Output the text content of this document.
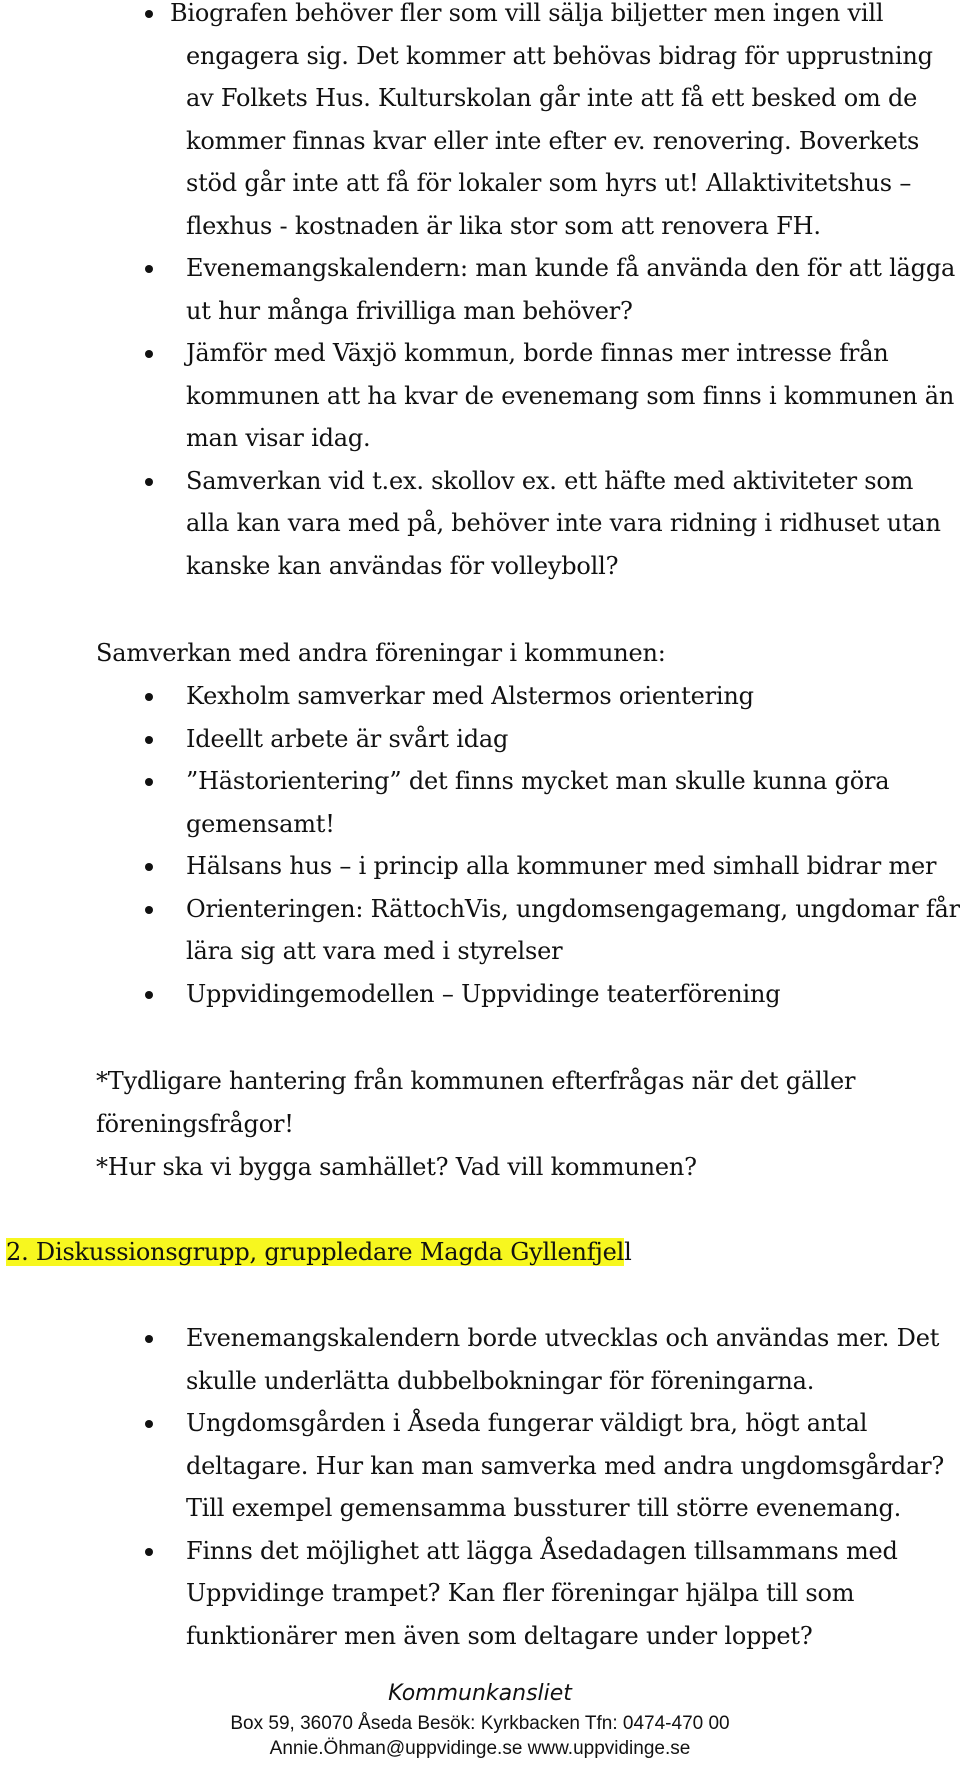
Biografen behöver fler som vill sälja biljetter men ingen vill engagera sig. Det kommer att behövas bidrag för upprustning av Folkets Hus. Kulturskolan går inte att få ett besked om de kommer finnas kvar eller inte efter ev. renovering. Boverkets stöd går inte att få för lokaler som hyrs ut! Allaktivitetshus – flexhus - kostnaden är lika stor som att renovera FH.
Evenemangskalendern: man kunde få använda den för att lägga ut hur många frivilliga man behöver?
Jämför med Växjö kommun, borde finnas mer intresse från kommunen att ha kvar de evenemang som finns i kommunen än man visar idag.
Samverkan vid t.ex. skollov ex. ett häfte med aktiviteter som alla kan vara med på, behöver inte vara ridning i ridhuset utan kanske kan användas för volleyboll?
Samverkan med andra föreningar i kommunen:
Kexholm samverkar med Alstermos orientering
Ideellt arbete är svårt idag
”Hästorientering” det finns mycket man skulle kunna göra gemensamt!
Hälsans hus – i princip alla kommuner med simhall bidrar mer
Orienteringen: RättochVis, ungdomsengagemang, ungdomar får lära sig att vara med i styrelser
Uppvidingemodellen – Uppvidinge teaterförening
*Tydligare hantering från kommunen efterfrågas när det gäller föreningsfrågor!
*Hur ska vi bygga samhället? Vad vill kommunen?
2. Diskussionsgrupp, gruppledare Magda Gyllenfjell
Evenemangskalendern borde utvecklas och användas mer. Det skulle underlätta dubbelbokningar för föreningarna.
Ungdomsgården i Åseda fungerar väldigt bra, högt antal deltagare. Hur kan man samverka med andra ungdomsgårdar? Till exempel gemensamma bussturer till större evenemang.
Finns det möjlighet att lägga Åsedadagen tillsammans med Uppvidinge trampet? Kan fler föreningar hjälpa till som funktionärer men även som deltagare under loppet?
Kommunkansliet
Box 59, 36070 Åseda Besök: Kyrkbacken Tfn: 0474-470 00
Annie.Öhman@uppvidinge.se www.uppvidinge.se
